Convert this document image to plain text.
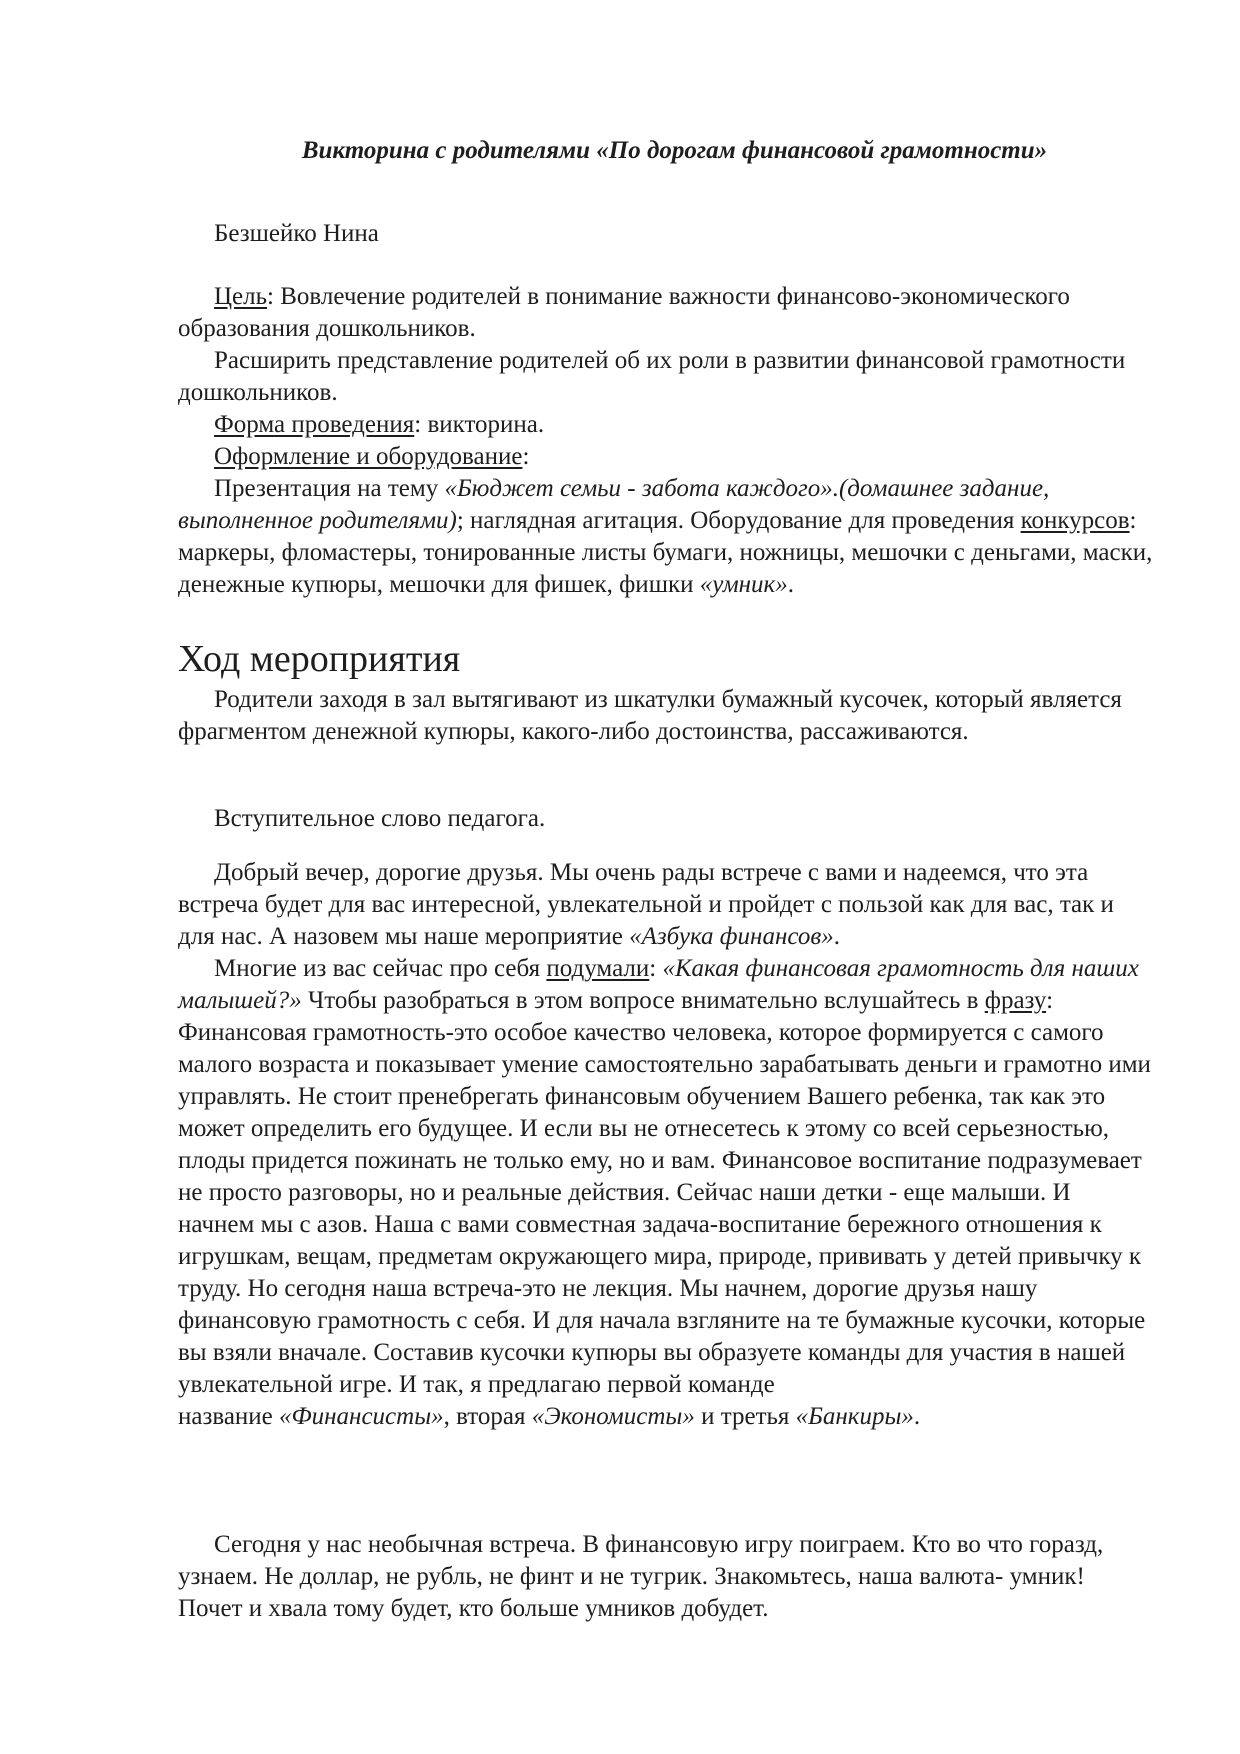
Викторина с родителями «По дорогам финансовой грамотности»

Безшейко Нина

Цель: Вовлечение родителей в понимание важности финансово-экономического образования дошкольников.

Расширить представление родителей об их роли в развитии финансовой грамотности дошкольников.

Форма проведения: викторина.

Оформление и оборудование:

Презентация на тему «Бюджет семьи - забота каждого».(домашнее задание, выполненное родителями); наглядная агитация. Оборудование для проведения конкурсов: маркеры, фломастеры, тонированные листы бумаги, ножницы, мешочки с деньгами, маски, денежные купюры, мешочки для фишек, фишки «умник».

Ход мероприятия

Родители заходя в зал вытягивают из шкатулки бумажный кусочек, который является фрагментом денежной купюры, какого-либо достоинства, рассаживаются.

Вступительное слово педагога.

Добрый вечер, дорогие друзья. Мы очень рады встрече с вами и надеемся, что эта встреча будет для вас интересной, увлекательной и пройдет с пользой как для вас, так и для нас. А назовем мы наше мероприятие «Азбука финансов».

Многие из вас сейчас про себя подумали: «Какая финансовая грамотность для наших малышей?» Чтобы разобраться в этом вопросе внимательно вслушайтесь в фразу: Финансовая грамотность-это особое качество человека, которое формируется с самого малого возраста и показывает умение самостоятельно зарабатывать деньги и грамотно ими управлять. Не стоит пренебрегать финансовым обучением Вашего ребенка, так как это может определить его будущее. И если вы не отнесетесь к этому со всей серьезностью, плоды придется пожинать не только ему, но и вам. Финансовое воспитание подразумевает не просто разговоры, но и реальные действия. Сейчас наши детки - еще малыши. И начнем мы с азов. Наша с вами совместная задача-воспитание бережного отношения к игрушкам, вещам, предметам окружающего мира, природе, прививать у детей привычку к труду. Но сегодня наша встреча-это не лекция. Мы начнем, дорогие друзья нашу финансовую грамотность с себя. И для начала взгляните на те бумажные кусочки, которые вы взяли вначале. Составив кусочки купюры вы образуете команды для участия в нашей увлекательной игре. И так, я предлагаю первой команде
название «Финансисты», вторая «Экономисты» и третья «Банкиры».

Сегодня у нас необычная встреча. В финансовую игру поиграем. Кто во что горазд, узнаем. Не доллар, не рубль, не финт и не тугрик. Знакомьтесь, наша валюта- умник! Почет и хвала тому будет, кто больше умников добудет.
